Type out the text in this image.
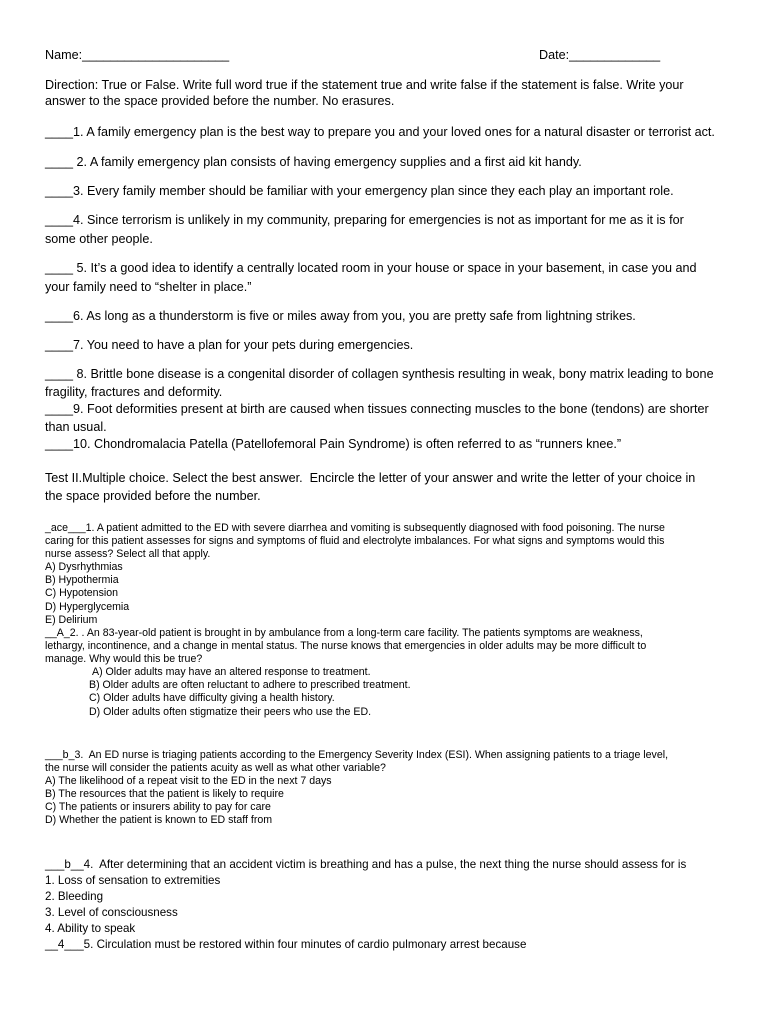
Name:_____________________	Date:_____________
Direction: True or False. Write full word true if the statement true and write false if the statement is false. Write your
answer to the space provided before the number. No erasures.
____1. A family emergency plan is the best way to prepare you and your loved ones for a natural disaster or terrorist act.
____ 2. A family emergency plan consists of having emergency supplies and a first aid kit handy.
____3. Every family member should be familiar with your emergency plan since they each play an important role.
____4. Since terrorism is unlikely in my community, preparing for emergencies is not as important for me as it is for
some other people.
____ 5. It’s a good idea to identify a centrally located room in your house or space in your basement, in case you and
your family need to “shelter in place.”
____6. As long as a thunderstorm is five or miles away from you, you are pretty safe from lightning strikes.
____7. You need to have a plan for your pets during emergencies.
____ 8. Brittle bone disease is a congenital disorder of collagen synthesis resulting in weak, bony matrix leading to bone
fragility, fractures and deformity.
____9. Foot deformities present at birth are caused when tissues connecting muscles to the bone (tendons) are shorter
than usual.
____10. Chondromalacia Patella (Patellofemoral Pain Syndrome) is often referred to as “runners knee.”
Test II.Multiple choice. Select the best answer.  Encircle the letter of your answer and write the letter of your choice in
the space provided before the number.
_ace___1. A patient admitted to the ED with severe diarrhea and vomiting is subsequently diagnosed with food poisoning. The nurse
caring for this patient assesses for signs and symptoms of fluid and electrolyte imbalances. For what signs and symptoms would this
nurse assess? Select all that apply.
A) Dysrhythmias
B) Hypothermia
C) Hypotension
D) Hyperglycemia
E) Delirium
__A_2. . An 83-year-old patient is brought in by ambulance from a long-term care facility. The patients symptoms are weakness,
lethargy, incontinence, and a change in mental status. The nurse knows that emergencies in older adults may be more difficult to
manage. Why would this be true?
A) Older adults may have an altered response to treatment.
B) Older adults are often reluctant to adhere to prescribed treatment.
C) Older adults have difficulty giving a health history.
D) Older adults often stigmatize their peers who use the ED.
___b_3.  An ED nurse is triaging patients according to the Emergency Severity Index (ESI). When assigning patients to a triage level,
the nurse will consider the patients acuity as well as what other variable?
A) The likelihood of a repeat visit to the ED in the next 7 days
B) The resources that the patient is likely to require
C) The patients or insurers ability to pay for care
D) Whether the patient is known to ED staff from
___b__4.  After determining that an accident victim is breathing and has a pulse, the next thing the nurse should assess for is
1. Loss of sensation to extremities
2. Bleeding
3. Level of consciousness
4. Ability to speak
__4___5. Circulation must be restored within four minutes of cardio pulmonary arrest because
